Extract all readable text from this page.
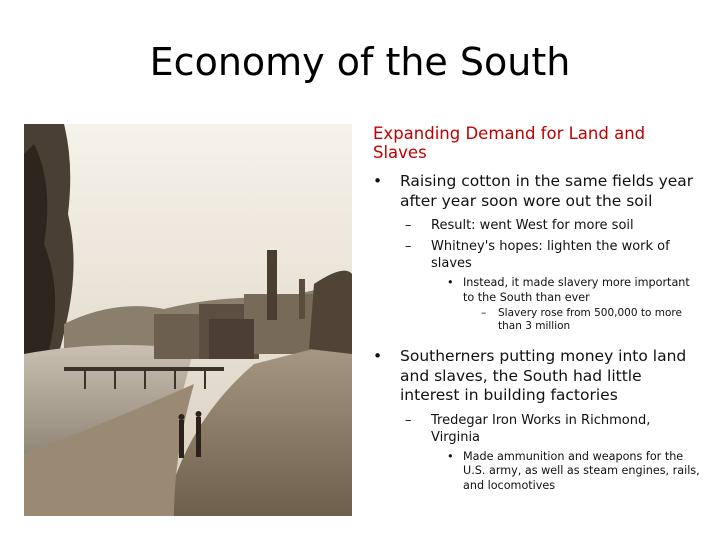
Economy of the South
Expanding Demand for Land and Slaves
• Raising cotton in the same fields year after year soon wore out the soil
– Result: went West for more soil
– Whitney's hopes: lighten the work of slaves
• Instead, it made slavery more important to the South than ever
– Slavery rose from 500,000 to more than 3 million
• Southerners putting money into land and slaves, the South had little interest in building factories
– Tredegar Iron Works in Richmond, Virginia
• Made ammunition and weapons for the U.S. army, as well as steam engines, rails, and locomotives
